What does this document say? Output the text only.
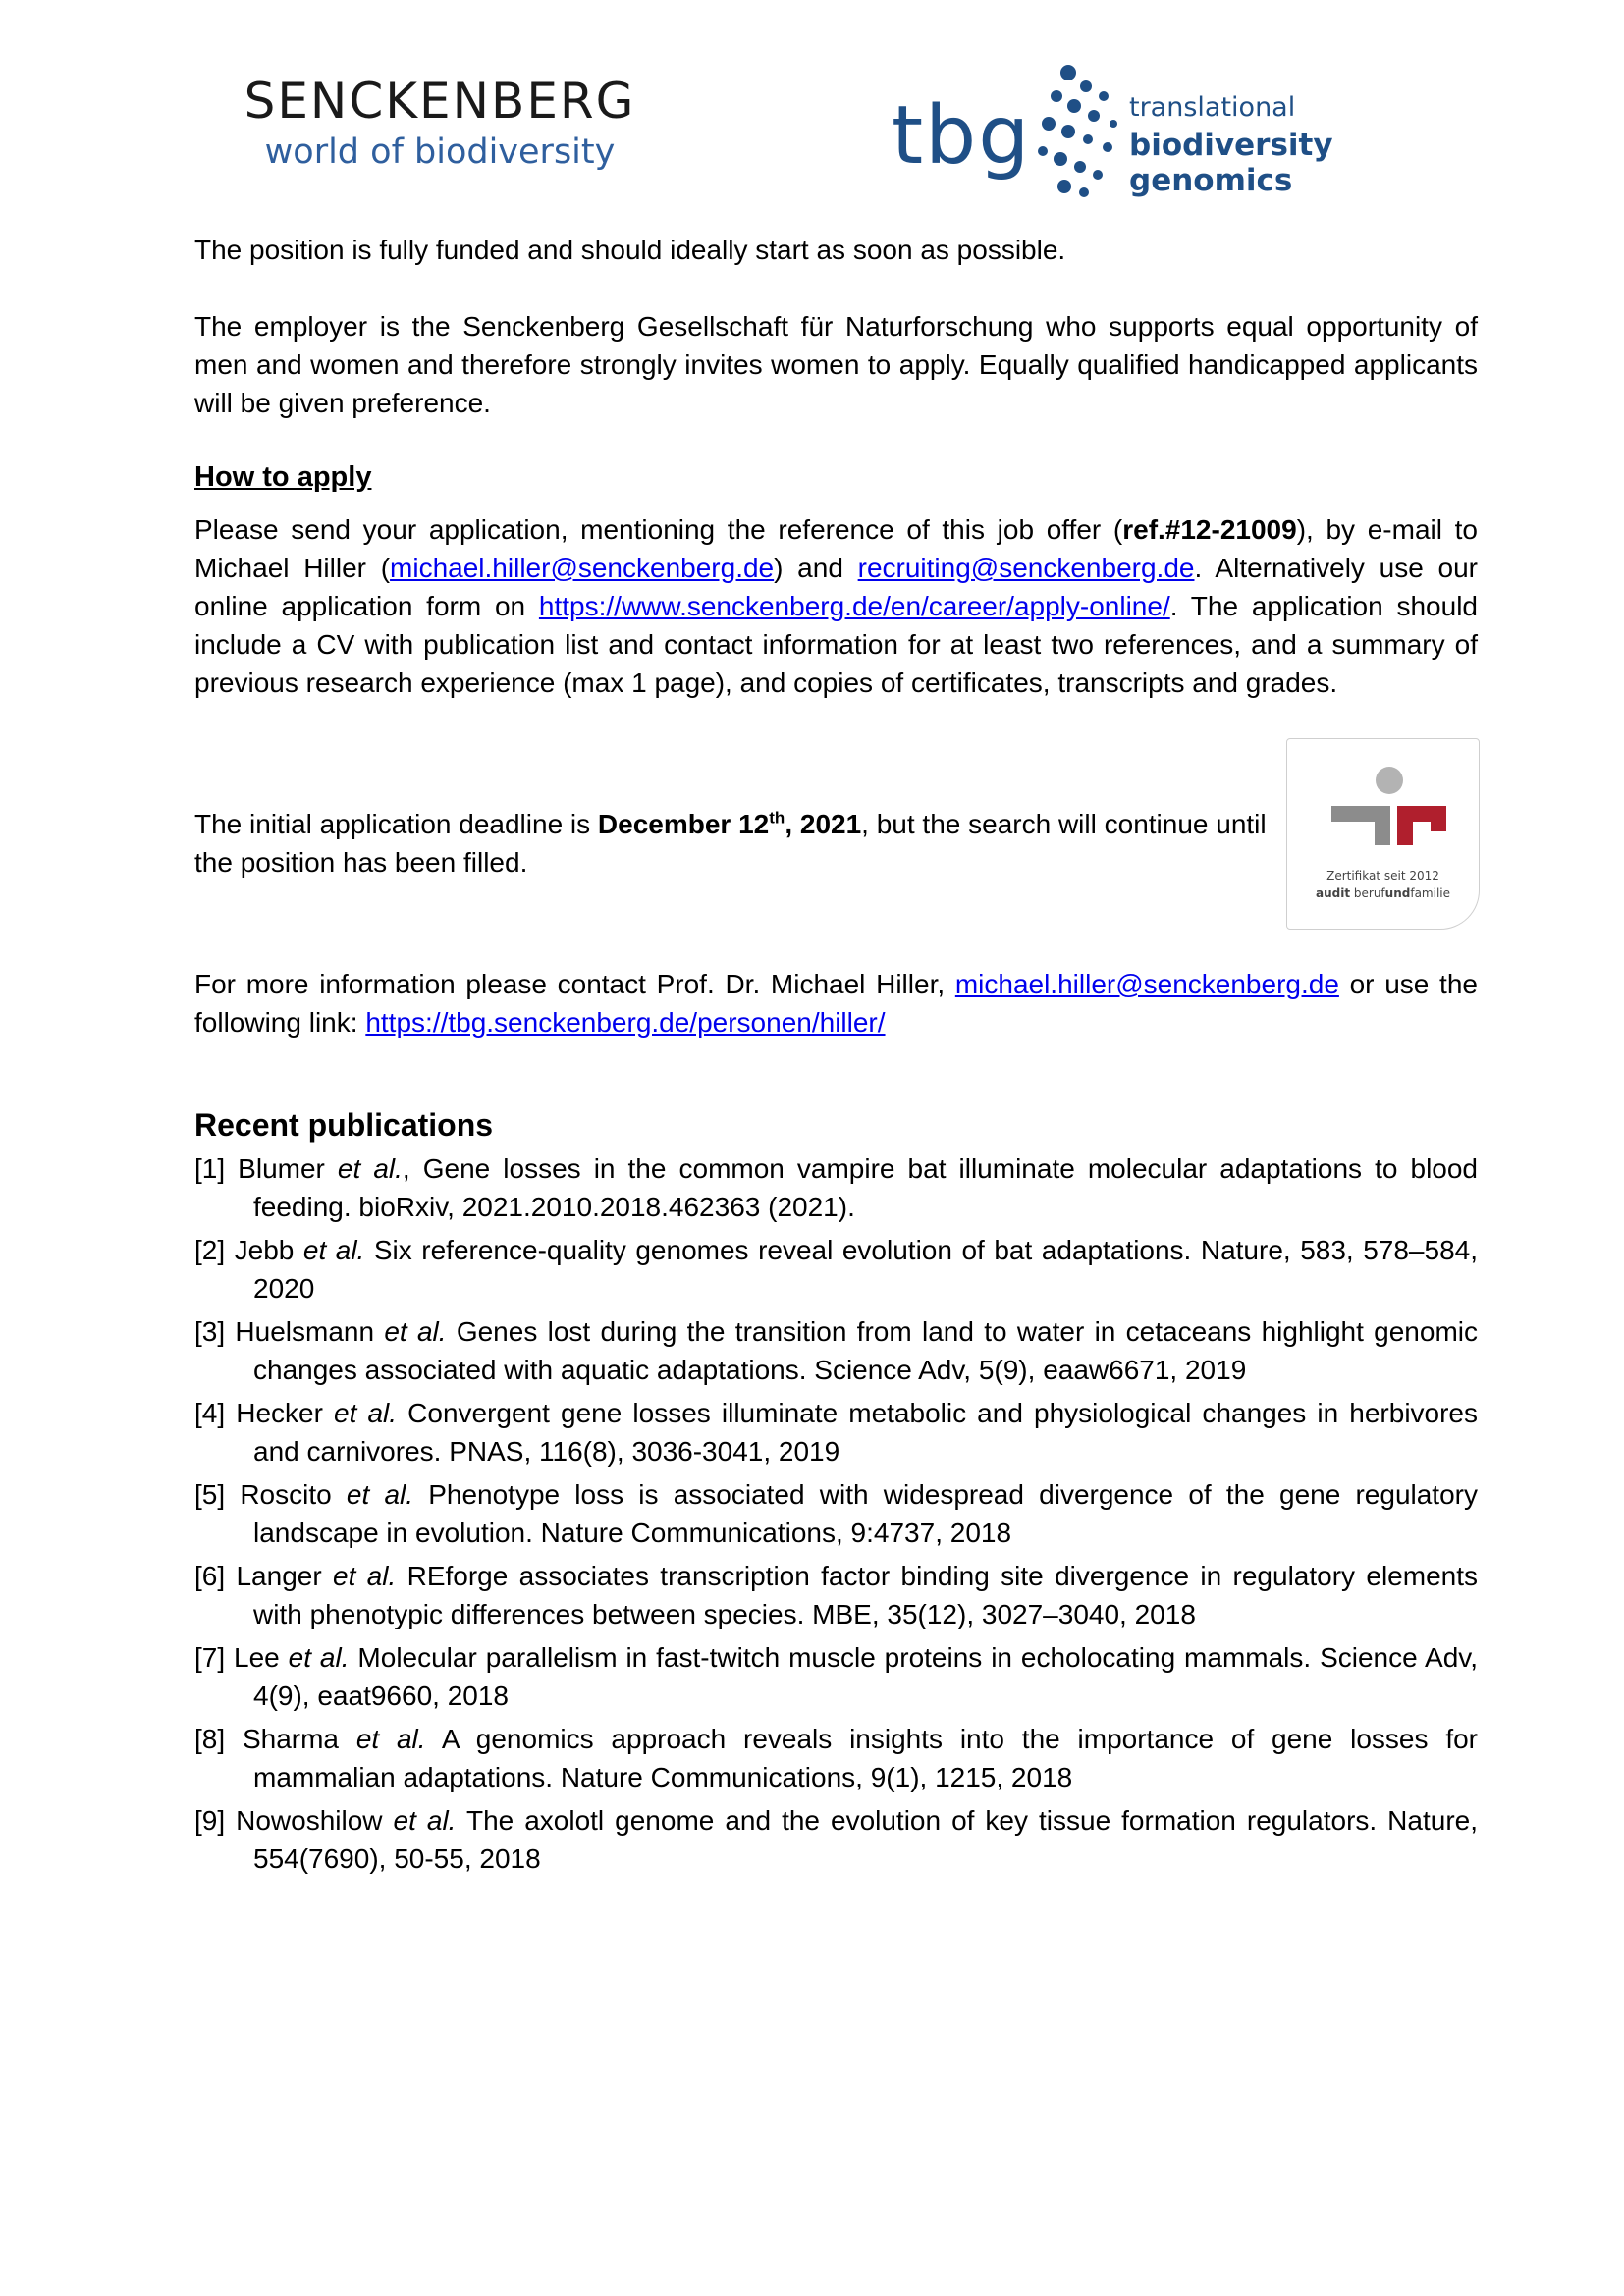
SENCKENBERG
world of biodiversity	tbg	translational
biodiversity genomics

The position is fully funded and should ideally start as soon as possible.

The employer is the Senckenberg Gesellschaft für Naturforschung who supports equal opportunity of men and women and therefore strongly invites women to apply. Equally qualified handicapped applicants will be given preference.

How to apply

Please send your application, mentioning the reference of this job offer (ref.#12-21009), by e-mail to Michael Hiller (michael.hiller@senckenberg.de) and recruiting@senckenberg.de. Alternatively use our online application form on https://www.senckenberg.de/en/career/apply-online/. The application should include a CV with publication list and contact information for at least two references, and a summary of previous research experience (max 1 page), and copies of certificates, transcripts and grades.

The initial application deadline is December 12th, 2021, but the search will continue until the position has been filled.	Zertifikat seit 2012
audit berufundfamilie

For more information please contact Prof. Dr. Michael Hiller, michael.hiller@senckenberg.de or use the following link: https://tbg.senckenberg.de/personen/hiller/

Recent publications
[1] Blumer et al., Gene losses in the common vampire bat illuminate molecular adaptations to blood feeding. bioRxiv, 2021.2010.2018.462363 (2021).
[2] Jebb et al. Six reference-quality genomes reveal evolution of bat adaptations. Nature, 583, 578–584, 2020
[3] Huelsmann et al. Genes lost during the transition from land to water in cetaceans highlight genomic changes associated with aquatic adaptations. Science Adv, 5(9), eaaw6671, 2019
[4] Hecker et al. Convergent gene losses illuminate metabolic and physiological changes in herbivores and carnivores. PNAS, 116(8), 3036-3041, 2019
[5] Roscito et al. Phenotype loss is associated with widespread divergence of the gene regulatory landscape in evolution. Nature Communications, 9:4737, 2018
[6] Langer et al. REforge associates transcription factor binding site divergence in regulatory elements with phenotypic differences between species. MBE, 35(12), 3027–3040, 2018
[7] Lee et al. Molecular parallelism in fast-twitch muscle proteins in echolocating mammals. Science Adv, 4(9), eaat9660, 2018
[8] Sharma et al. A genomics approach reveals insights into the importance of gene losses for mammalian adaptations. Nature Communications, 9(1), 1215, 2018
[9] Nowoshilow et al. The axolotl genome and the evolution of key tissue formation regulators. Nature, 554(7690), 50-55, 2018
